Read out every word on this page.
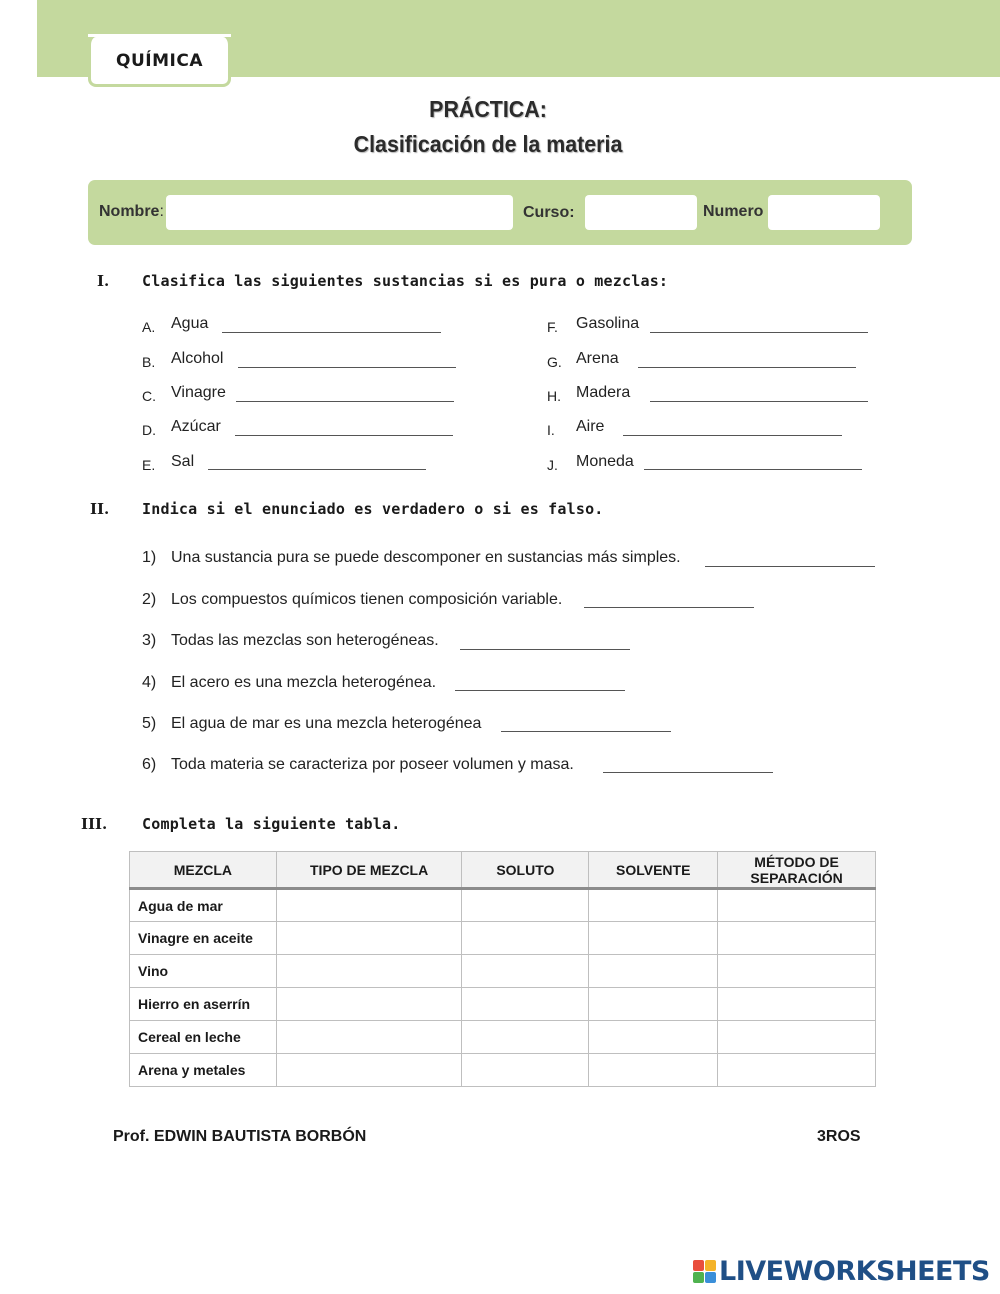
QUÍMICA
PRÁCTICA:
Clasificación de la materia
Nombre:	Curso:	Numero
I. Clasifica las siguientes sustancias si es pura o mezclas:
A. Agua
B. Alcohol
C. Vinagre
D. Azúcar
E. Sal
F. Gasolina
G. Arena
H. Madera
I. Aire
J. Moneda
II. Indica si el enunciado es verdadero o si es falso.
1) Una sustancia pura se puede descomponer en sustancias más simples.
2) Los compuestos químicos tienen composición variable.
3) Todas las mezclas son heterogéneas.
4) El acero es una mezcla heterogénea.
5) El agua de mar es una mezcla heterogénea
6) Toda materia se caracteriza por poseer volumen y masa.
III. Completa la siguiente tabla.
MEZCLA	TIPO DE MEZCLA	SOLUTO	SOLVENTE	MÉTODO DE SEPARACIÓN
Agua de mar				
Vinagre en aceite				
Vino				
Hierro en aserrín				
Cereal en leche				
Arena y metales				
Prof. EDWIN BAUTISTA BORBÓN	3ROS
LIVEWORKSHEETS
